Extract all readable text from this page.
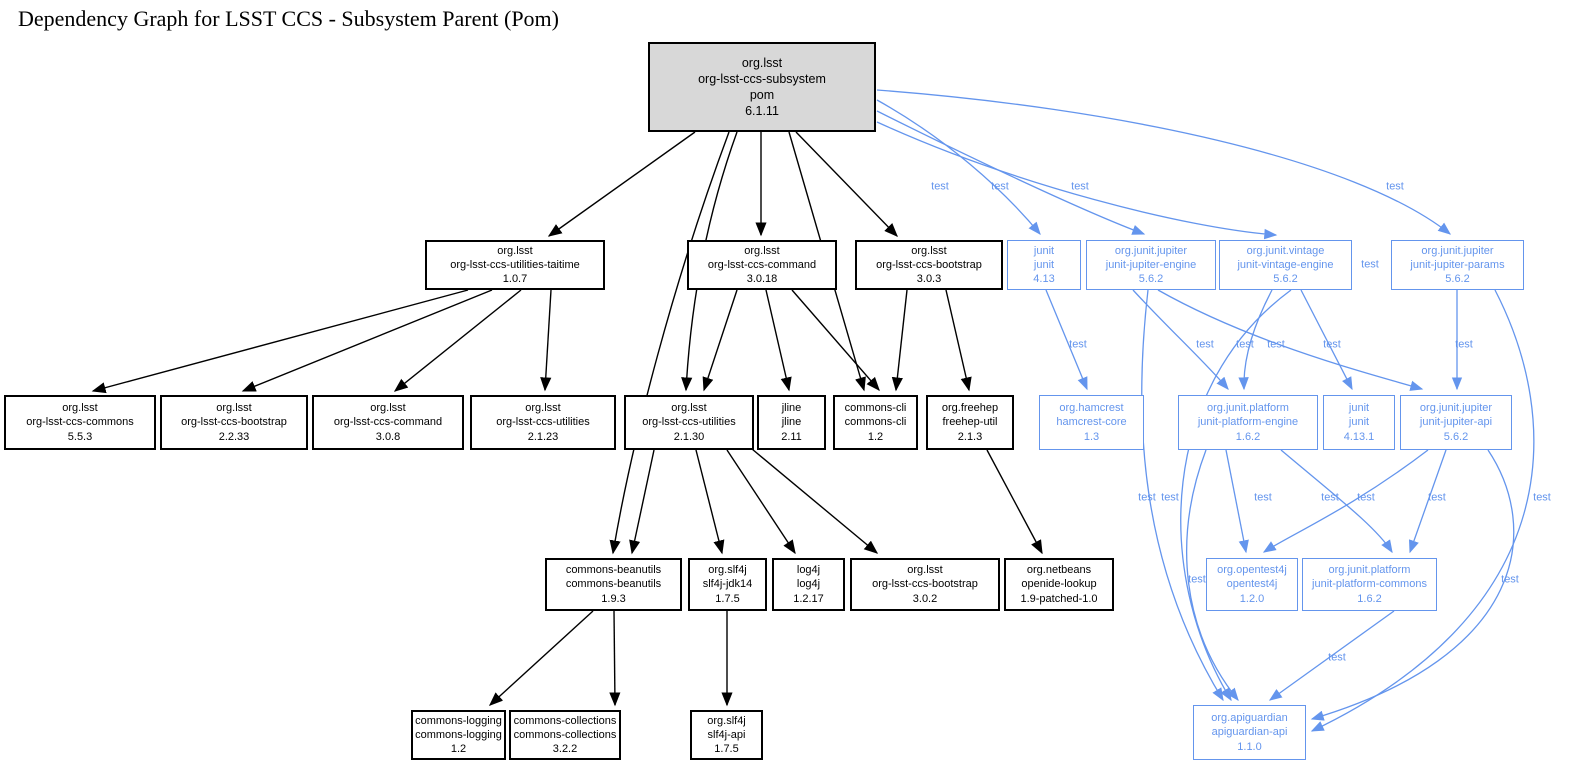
Dependency Graph for LSST CCS - Subsystem Parent (Pom)
org.lsst
org-lsst-ccs-subsystem
pom
6.1.11
org.lsst
org-lsst-ccs-utilities-taitime
1.0.7
org.lsst
org-lsst-ccs-command
3.0.18
org.lsst
org-lsst-ccs-bootstrap
3.0.3
junit
junit
4.13
org.junit.jupiter
junit-jupiter-engine
5.6.2
org.junit.vintage
junit-vintage-engine
5.6.2
org.junit.jupiter
junit-jupiter-params
5.6.2
org.lsst
org-lsst-ccs-commons
5.5.3
org.lsst
org-lsst-ccs-bootstrap
2.2.33
org.lsst
org-lsst-ccs-command
3.0.8
org.lsst
org-lsst-ccs-utilities
2.1.23
org.lsst
org-lsst-ccs-utilities
2.1.30
jline
jline
2.11
commons-cli
commons-cli
1.2
org.freehep
freehep-util
2.1.3
org.hamcrest
hamcrest-core
1.3
org.junit.platform
junit-platform-engine
1.6.2
junit
junit
4.13.1
org.junit.jupiter
junit-jupiter-api
5.6.2
commons-beanutils
commons-beanutils
1.9.3
org.slf4j
slf4j-jdk14
1.7.5
log4j
log4j
1.2.17
org.lsst
org-lsst-ccs-bootstrap
3.0.2
org.netbeans
openide-lookup
1.9-patched-1.0
org.opentest4j
opentest4j
1.2.0
org.junit.platform
junit-platform-commons
1.6.2
commons-logging
commons-logging
1.2
commons-collections
commons-collections
3.2.2
org.slf4j
slf4j-api
1.7.5
org.apiguardian
apiguardian-api
1.1.0
test	test	test	test
test
test	test test test	test	test
test test	test	test test	test	test
test	test
test
